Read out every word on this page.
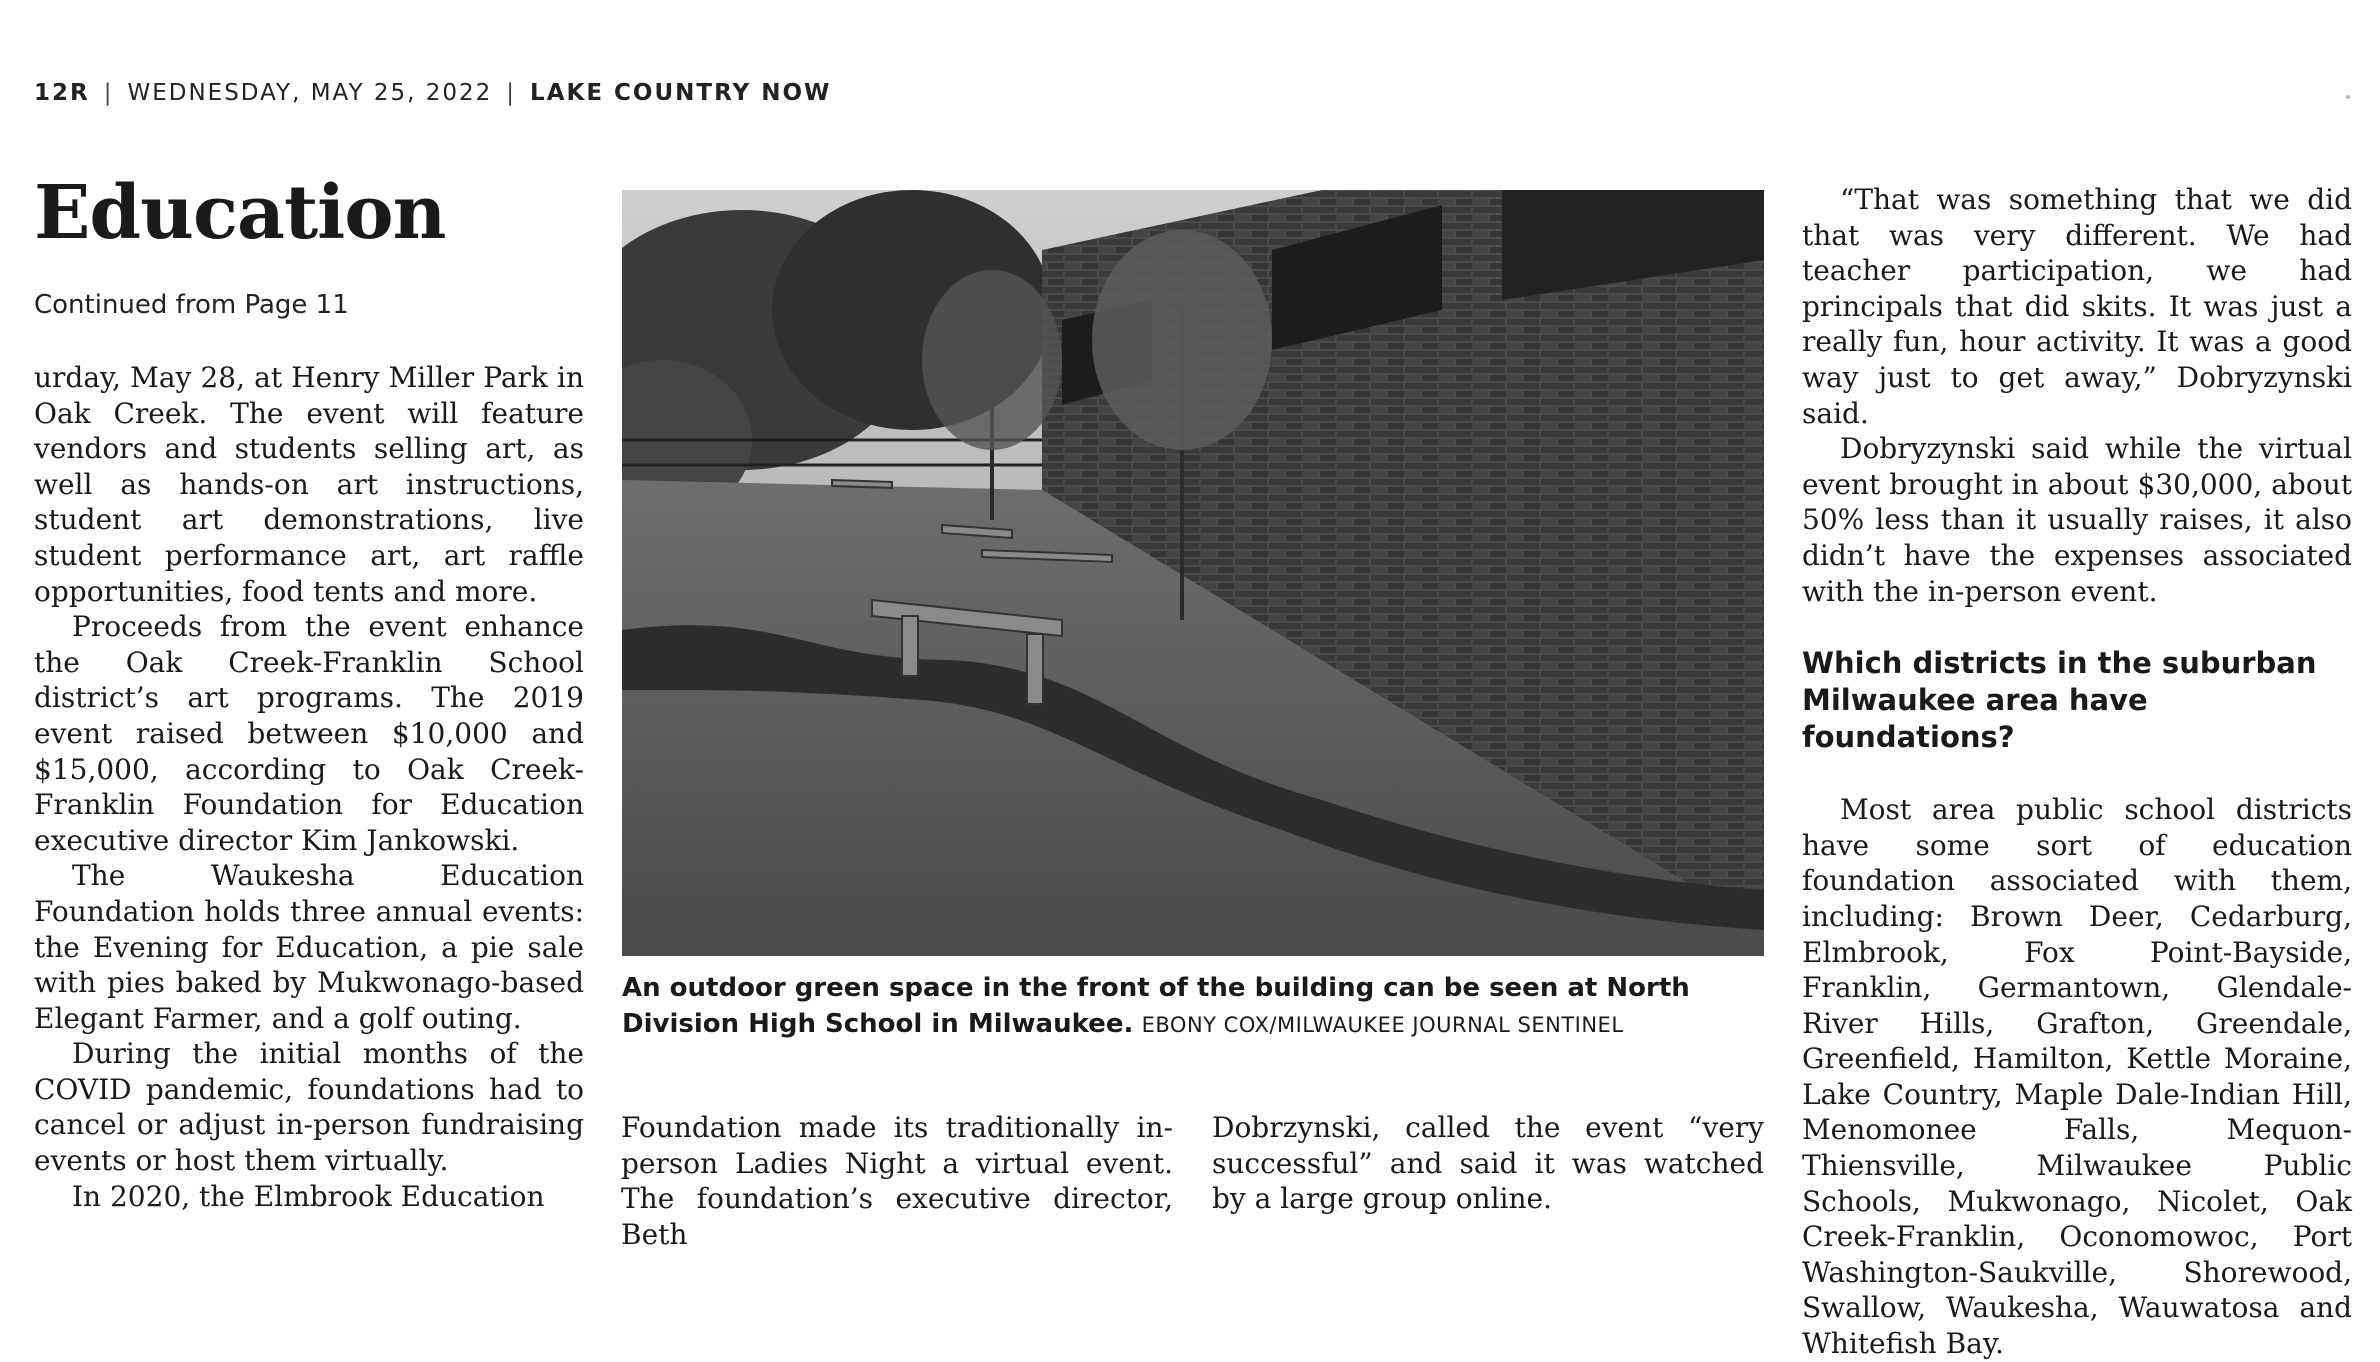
12R | WEDNESDAY, MAY 25, 2022 | LAKE COUNTRY NOW
Education
Continued from Page 11

urday, May 28, at Henry Miller Park in Oak Creek. The event will feature vendors and students selling art, as well as hands-on art instructions, student art demonstrations, live student performance art, art raffle opportunities, food tents and more.

Proceeds from the event enhance the Oak Creek-Franklin School district’s art programs. The 2019 event raised between $10,000 and $15,000, according to Oak Creek-Franklin Foundation for Education executive director Kim Jankowski.

The Waukesha Education Foundation holds three annual events: the Evening for Education, a pie sale with pies baked by Mukwonago-based Elegant Farmer, and a golf outing.

During the initial months of the COVID pandemic, foundations had to cancel or adjust in-person fundraising events or host them virtually.

In 2020, the Elmbrook Education

An outdoor green space in the front of the building can be seen at North Division High School in Milwaukee. EBONY COX/MILWAUKEE JOURNAL SENTINEL

Foundation made its traditionally in-person Ladies Night a virtual event. The foundation’s executive director, Beth

Dobrzynski, called the event “very successful” and said it was watched by a large group online.

“That was something that we did that was very different. We had teacher participation, we had principals that did skits. It was just a really fun, hour activity. It was a good way just to get away,” Dobryzynski said.

Dobryzynski said while the virtual event brought in about $30,000, about 50% less than it usually raises, it also didn’t have the expenses associated with the in-person event.

Which districts in the suburban Milwaukee area have foundations?

Most area public school districts have some sort of education foundation associated with them, including: Brown Deer, Cedarburg, Elmbrook, Fox Point-Bayside, Franklin, Germantown, Glendale-River Hills, Grafton, Greendale, Greenfield, Hamilton, Kettle Moraine, Lake Country, Maple Dale-Indian Hill, Menomonee Falls, Mequon-Thiensville, Milwaukee Public Schools, Mukwonago, Nicolet, Oak Creek-Franklin, Oconomowoc, Port Washington-Saukville, Shorewood, Swallow, Waukesha, Wauwatosa and Whitefish Bay.
